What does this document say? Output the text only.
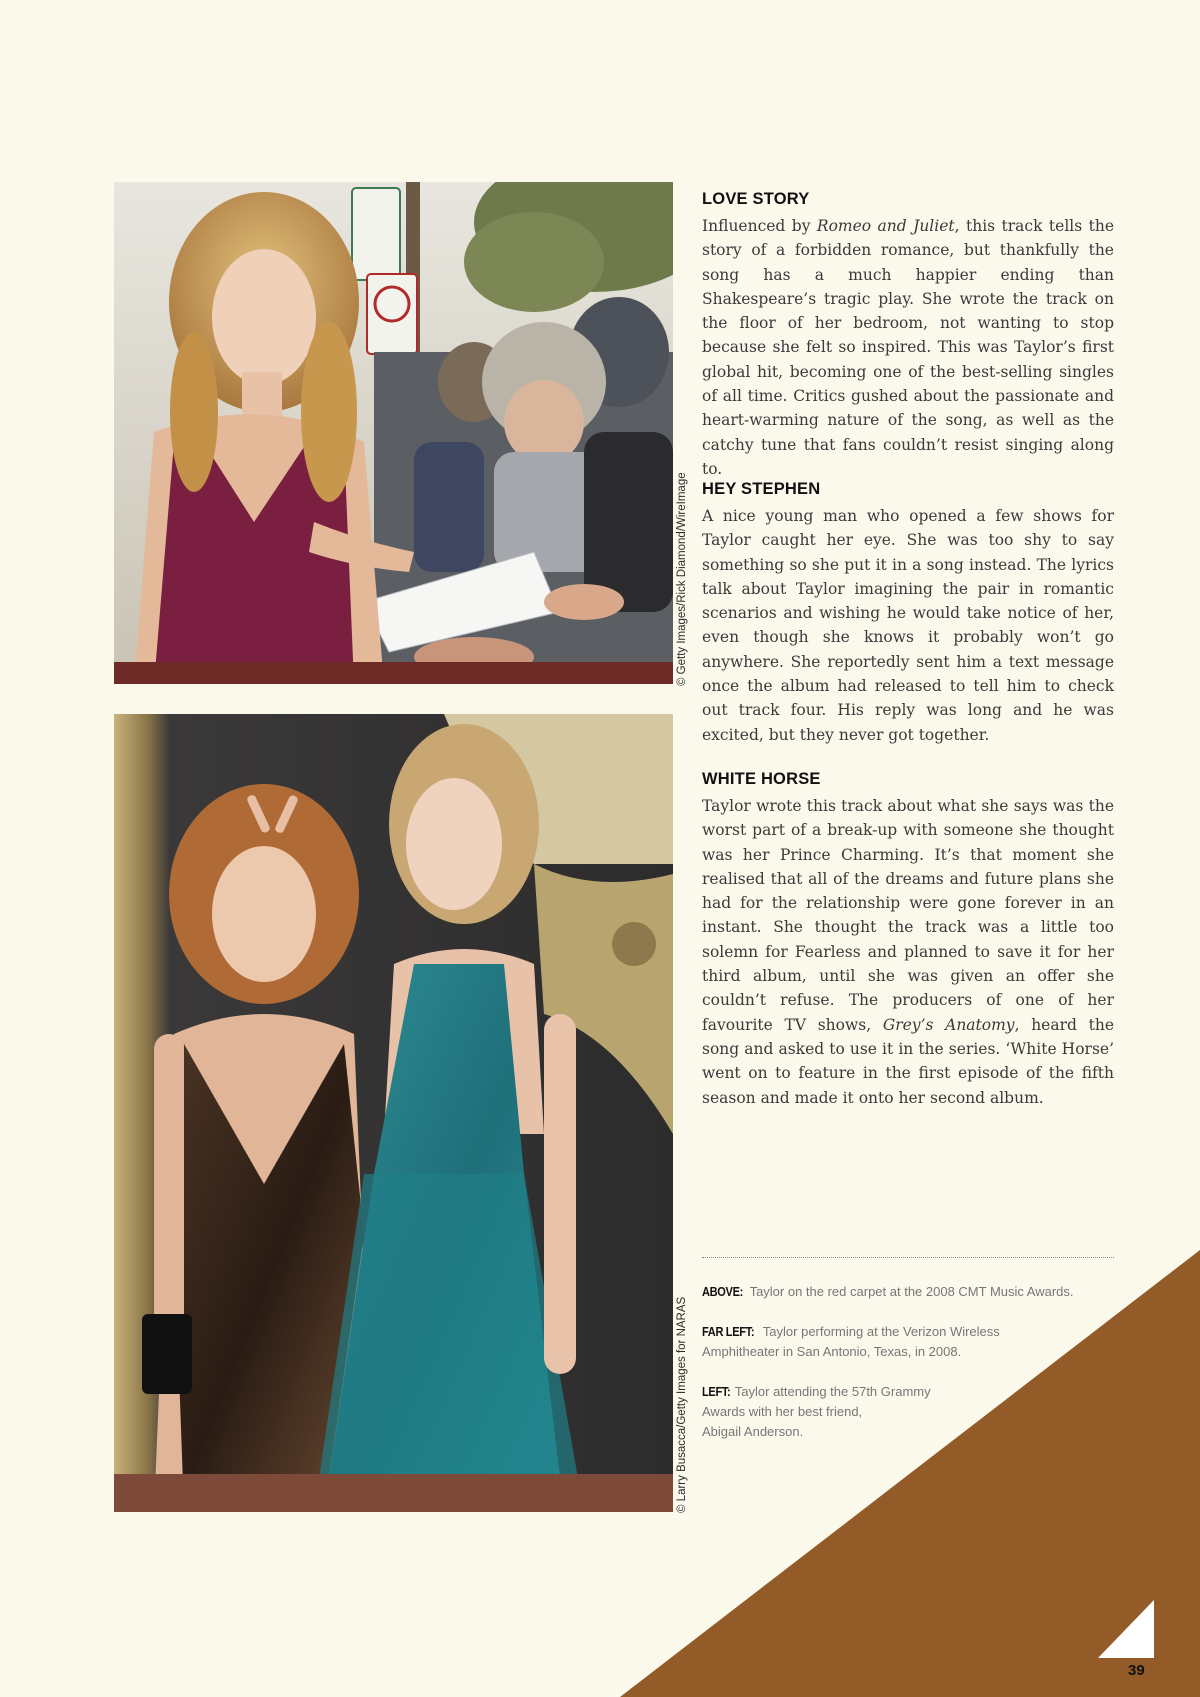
© Getty Images/Rick Diamond/WireImage
© Larry Busacca/Getty Images for NARAS
LOVE STORY

Influenced by Romeo and Juliet, this track tells the story of a forbidden romance, but thankfully the song has a much happier ending than Shakespeare’s tragic play. She wrote the track on the floor of her bedroom, not wanting to stop because she felt so inspired. This was Taylor’s first global hit, becoming one of the best-selling singles of all time. Critics gushed about the passionate and heart-warming nature of the song, as well as the catchy tune that fans couldn’t resist singing along to.

HEY STEPHEN

A nice young man who opened a few shows for Taylor caught her eye. She was too shy to say something so she put it in a song instead. The lyrics talk about Taylor imagining the pair in romantic scenarios and wishing he would take notice of her, even though she knows it probably won’t go anywhere. She reportedly sent him a text message once the album had released to tell him to check out track four. His reply was long and he was excited, but they never got together.

WHITE HORSE

Taylor wrote this track about what she says was the worst part of a break-up with someone she thought was her Prince Charming. It’s that moment she realised that all of the dreams and future plans she had for the relationship were gone forever in an instant. She thought the track was a little too solemn for Fearless and planned to save it for her third album, until she was given an offer she couldn’t refuse. The producers of one of her favourite TV shows, Grey’s Anatomy, heard the song and asked to use it in the series. ‘White Horse’ went on to feature in the first episode of the fifth season and made it onto her second album.

ABOVE: Taylor on the red carpet at the 2008 CMT Music Awards.
FAR LEFT: Taylor performing at the Verizon Wireless
Amphitheater in San Antonio, Texas, in 2008.
LEFT: Taylor attending the 57th Grammy
Awards with her best friend,
Abigail Anderson.
39
